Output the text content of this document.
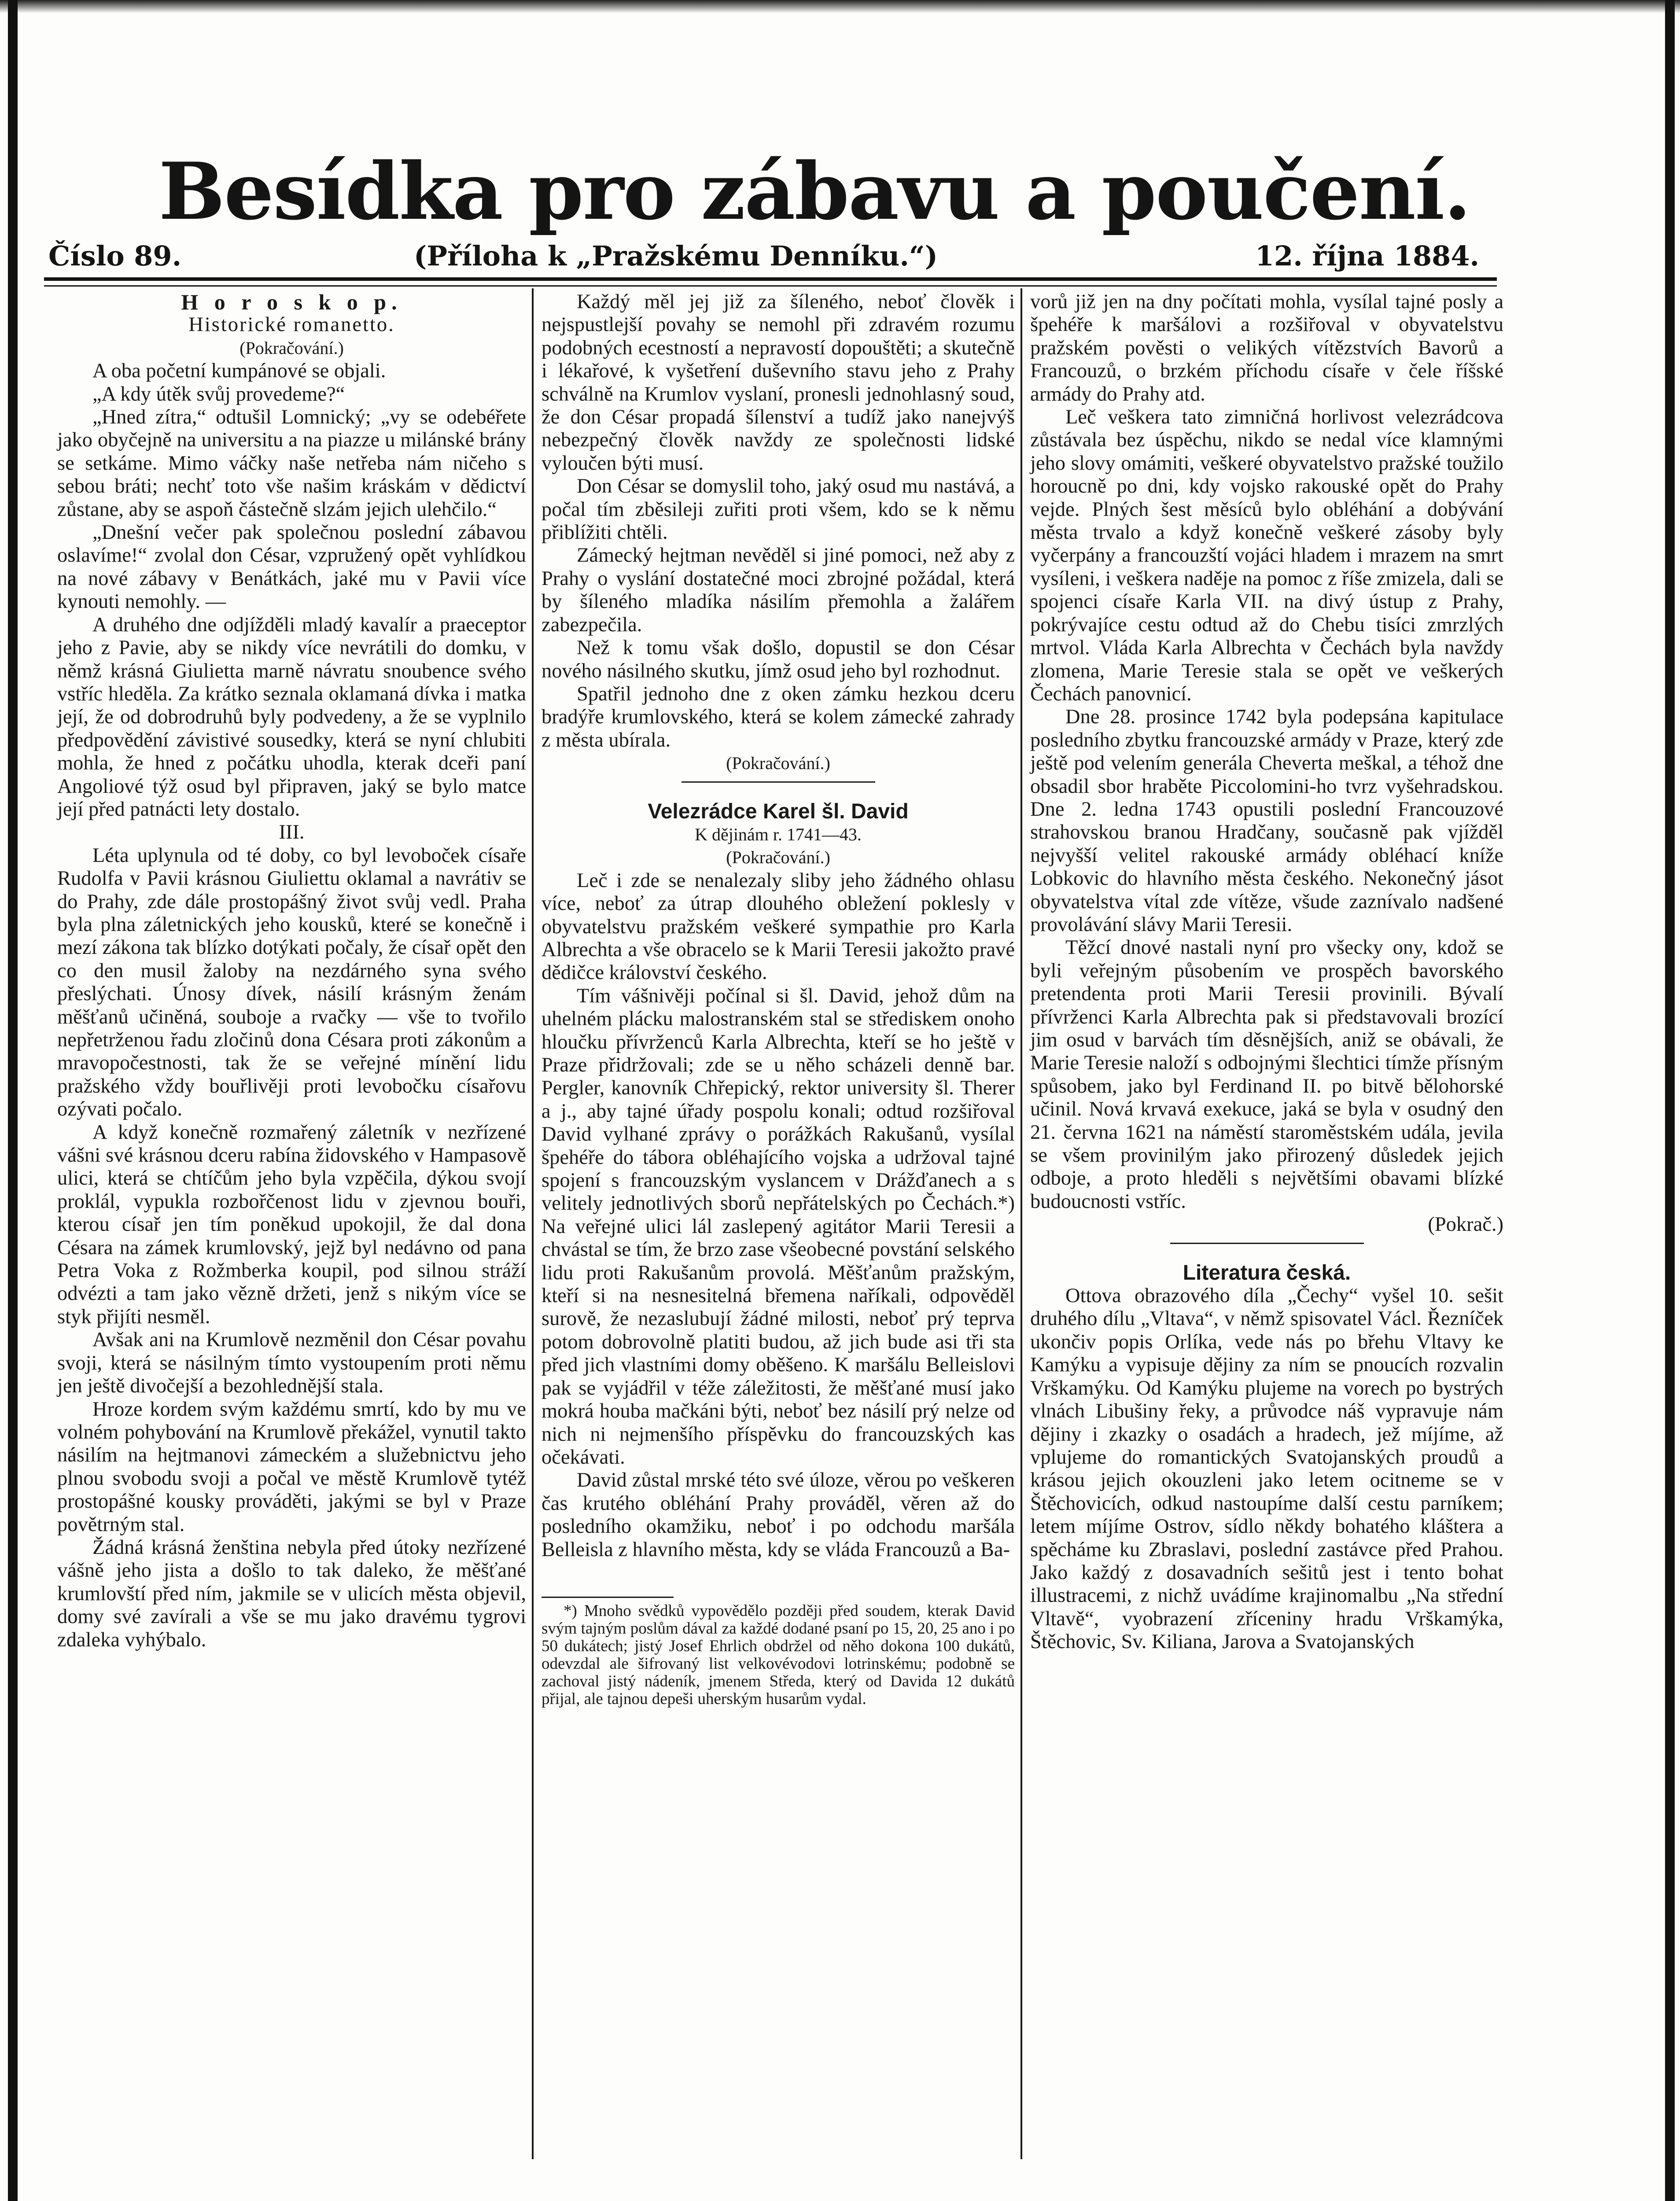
Besídka pro zábavu a poučení.
Číslo 89.	(Příloha k „Pražskému Denníku.“)	12. října 1884.

H o r o s k o p.

Historické romanetto.

(Pokračování.)

A oba početní kumpánové se objali.

„A kdy útěk svůj provedeme?“

„Hned zítra,“ odtušil Lomnický; „vy se odebéřete jako obyčejně na universitu a na piazze u milánské brány se setkáme. Mimo váčky naše netřeba nám ničeho s sebou bráti; nechť toto vše našim kráskám v dědictví zůstane, aby se aspoň částečně slzám jejich ulehčilo.“

„Dnešní večer pak společnou poslední zábavou oslavíme!“ zvolal don César, vzpružený opět vyhlídkou na nové zábavy v Benátkách, jaké mu v Pavii více kynouti nemohly. —

A druhého dne odjížděli mladý kavalír a praeceptor jeho z Pavie, aby se nikdy více nevrátili do domku, v němž krásná Giulietta marně návratu snoubence svého vstříc hleděla. Za krátko seznala oklamaná dívka i matka její, že od dobrodruhů byly podvedeny, a že se vyplnilo předpovědění závistivé sousedky, která se nyní chlubiti mohla, že hned z počátku uhodla, kterak dceři paní Angoliové týž osud byl připraven, jaký se bylo matce její před patnácti lety dostalo.

III.

Léta uplynula od té doby, co byl levoboček císaře Rudolfa v Pavii krásnou Giuliettu oklamal a navrátiv se do Prahy, zde dále prostopášný život svůj vedl. Praha byla plna záletnických jeho kousků, které se konečně i mezí zákona tak blízko dotýkati počaly, že císař opět den co den musil žaloby na nezdárného syna svého přeslýchati. Únosy dívek, násilí krásným ženám měšťanů učiněná, souboje a rvačky — vše to tvořilo nepřetrženou řadu zločinů dona Césara proti zákonům a mravopočestnosti, tak že se veřejné mínění lidu pražského vždy bouřlivěji proti levobočku císařovu ozývati počalo.

A když konečně rozmařený záletník v nezřízené vášni své krásnou dceru rabína židovského v Hampasově ulici, která se chtíčům jeho byla vzpěčila, dýkou svojí proklál, vypukla rozbořčenost lidu v zjevnou bouři, kterou císař jen tím poněkud upokojil, že dal dona Césara na zámek krumlovský, jejž byl nedávno od pana Petra Voka z Rožmberka koupil, pod silnou stráží odvézti a tam jako vězně držeti, jenž s nikým více se styk přijíti nesměl.

Avšak ani na Krumlově nezměnil don César povahu svoji, která se násilným tímto vystoupením proti němu jen ještě divočejší a bezohlednější stala.

Hroze kordem svým každému smrtí, kdo by mu ve volném pohybování na Krumlově překážel, vynutil takto násilím na hejtmanovi zámeckém a služebnictvu jeho plnou svobodu svoji a počal ve městě Krumlově tytéž prostopášné kousky prováděti, jakými se byl v Praze povětrným stal.

Žádná krásná ženština nebyla před útoky nezřízené vášně jeho jista a došlo to tak daleko, že měšťané krumlovští před ním, jakmile se v ulicích města objevil, domy své zavírali a vše se mu jako dravému tygrovi zdaleka vyhýbalo.

Každý měl jej již za šíleného, neboť člověk i nejspustlejší povahy se nemohl při zdravém rozumu podobných ecestností a nepravostí dopouštěti; a skutečně i lékařové, k vyšetření duševního stavu jeho z Prahy schválně na Krumlov vyslaní, pronesli jednohlasný soud, že don César propadá šílenství a tudíž jako nanejvýš nebezpečný člověk navždy ze společnosti lidské vyloučen býti musí.

Don César se domyslil toho, jaký osud mu nastává, a počal tím zběsileji zuřiti proti všem, kdo se k němu přiblížiti chtěli.

Zámecký hejtman nevěděl si jiné pomoci, než aby z Prahy o vyslání dostatečné moci zbrojné požádal, která by šíleného mladíka násilím přemohla a žalářem zabezpečila.

Než k tomu však došlo, dopustil se don César nového násilného skutku, jímž osud jeho byl rozhodnut.

Spatřil jednoho dne z oken zámku hezkou dceru bradýře krumlovského, která se kolem zámecké zahrady z města ubírala.

(Pokračování.)

Velezrádce Karel šl. David

K dějinám r. 1741—43.

(Pokračování.)

Leč i zde se nenalezaly sliby jeho žádného ohlasu více, neboť za útrap dlouhého obležení poklesly v obyvatelstvu pražském veškeré sympathie pro Karla Albrechta a vše obracelo se k Marii Teresii jakožto pravé dědičce království českého.

Tím vášnivěji počínal si šl. David, jehož dům na uhelném plácku malostranském stal se střediskem onoho hloučku přívrženců Karla Albrechta, kteří se ho ještě v Praze přidržovali; zde se u něho scházeli denně bar. Pergler, kanovník Chřepický, rektor university šl. Therer a j., aby tajné úřady pospolu konali; odtud rozšiřoval David vylhané zprávy o porážkách Rakušanů, vysílal špehéře do tábora obléhajícího vojska a udržoval tajné spojení s francouzským vyslancem v Drážďanech a s velitely jednotlivých sborů nepřátelských po Čechách.*) Na veřejné ulici lál zaslepený agitátor Marii Teresii a chvástal se tím, že brzo zase všeobecné povstání selského lidu proti Rakušanům provolá. Měšťanům pražským, kteří si na nesnesitelná břemena naříkali, odpověděl surově, že nezaslubují žádné milosti, neboť prý teprva potom dobrovolně platiti budou, až jich bude asi tři sta před jich vlastními domy oběšeno. K maršálu Belleislovi pak se vyjádřil v téže záležitosti, že měšťané musí jako mokrá houba mačkáni býti, neboť bez násilí prý nelze od nich ni nejmenšího příspěvku do francouzských kas očekávati.

David zůstal mrské této své úloze, věrou po veškeren čas krutého obléhání Prahy prováděl, věren až do posledního okamžiku, neboť i po odchodu maršála Belleisla z hlavního města, kdy se vláda Francouzů a Ba-

*) Mnoho svědků vypovědělo později před soudem, kterak David svým tajným poslům dával za každé dodané psaní po 15, 20, 25 ano i po 50 dukátech; jistý Josef Ehrlich obdržel od něho dokona 100 dukátů, odevzdal ale šifrovaný list velkovévodovi lotrinskému; podobně se zachoval jistý nádeník, jmenem Středa, který od Davida 12 dukátů přijal, ale tajnou depeši uherským husarům vydal.

vorů již jen na dny počítati mohla, vysílal tajné posly a špehéře k maršálovi a rozšiřoval v obyvatelstvu pražském pověsti o velikých vítězstvích Bavorů a Francouzů, o brzkém příchodu císaře v čele říšské armády do Prahy atd.

Leč veškera tato zimničná horlivost velezrádcova zůstávala bez úspěchu, nikdo se nedal více klamnými jeho slovy omámiti, veškeré obyvatelstvo pražské toužilo horoucně po dni, kdy vojsko rakouské opět do Prahy vejde. Plných šest měsíců bylo obléhání a dobývání města trvalo a když konečně veškeré zásoby byly vyčerpány a francouzští vojáci hladem i mrazem na smrt vysíleni, i veškera naděje na pomoc z říše zmizela, dali se spojenci císaře Karla VII. na divý ústup z Prahy, pokrývajíce cestu odtud až do Chebu tisíci zmrzlých mrtvol. Vláda Karla Albrechta v Čechách byla navždy zlomena, Marie Teresie stala se opět ve veškerých Čechách panovnicí.

Dne 28. prosince 1742 byla podepsána kapitulace posledního zbytku francouzské armády v Praze, který zde ještě pod velením generála Cheverta meškal, a téhož dne obsadil sbor hraběte Piccolomini-ho tvrz vyšehradskou. Dne 2. ledna 1743 opustili poslední Francouzové strahovskou branou Hradčany, současně pak vjížděl nejvyšší velitel rakouské armády obléhací kníže Lobkovic do hlavního města českého. Nekonečný jásot obyvatelstva vítal zde vítěze, všude zaznívalo nadšené provolávání slávy Marii Teresii.

Těžcí dnové nastali nyní pro všecky ony, kdož se byli veřejným působením ve prospěch bavorského pretendenta proti Marii Teresii provinili. Bývalí přívrženci Karla Albrechta pak si představovali brozící jim osud v barvách tím děsnějších, aniž se obávali, že Marie Teresie naloží s odbojnými šlechtici tímže přísným spůsobem, jako byl Ferdinand II. po bitvě bělohorské učinil. Nová krvavá exekuce, jaká se byla v osudný den 21. června 1621 na náměstí staroměstském udála, jevila se všem provinilým jako přirozený důsledek jejich odboje, a proto hleděli s největšími obavami blízké budoucnosti vstříc.

(Pokrač.)

Literatura česká.

Ottova obrazového díla „Čechy“ vyšel 10. sešit druhého dílu „Vltava“, v němž spisovatel Václ. Řezníček ukončiv popis Orlíka, vede nás po břehu Vltavy ke Kamýku a vypisuje dějiny za ním se pnoucích rozvalin Vrškamýku. Od Kamýku plujeme na vorech po bystrých vlnách Libušiny řeky, a průvodce náš vypravuje nám dějiny i zkazky o osadách a hradech, jež míjíme, až vplujeme do romantických Svatojanských proudů a krásou jejich okouzleni jako letem ocitneme se v Štěchovicích, odkud nastoupíme další cestu parníkem; letem míjíme Ostrov, sídlo někdy bohatého kláštera a spěcháme ku Zbraslavi, poslední zastávce před Prahou. Jako každý z dosavadních sešitů jest i tento bohat illustracemi, z nichž uvádíme krajinomalbu „Na střední Vltavě“, vyobrazení zříceniny hradu Vrškamýka, Štěchovic, Sv. Kiliana, Jarova a Svatojanských
